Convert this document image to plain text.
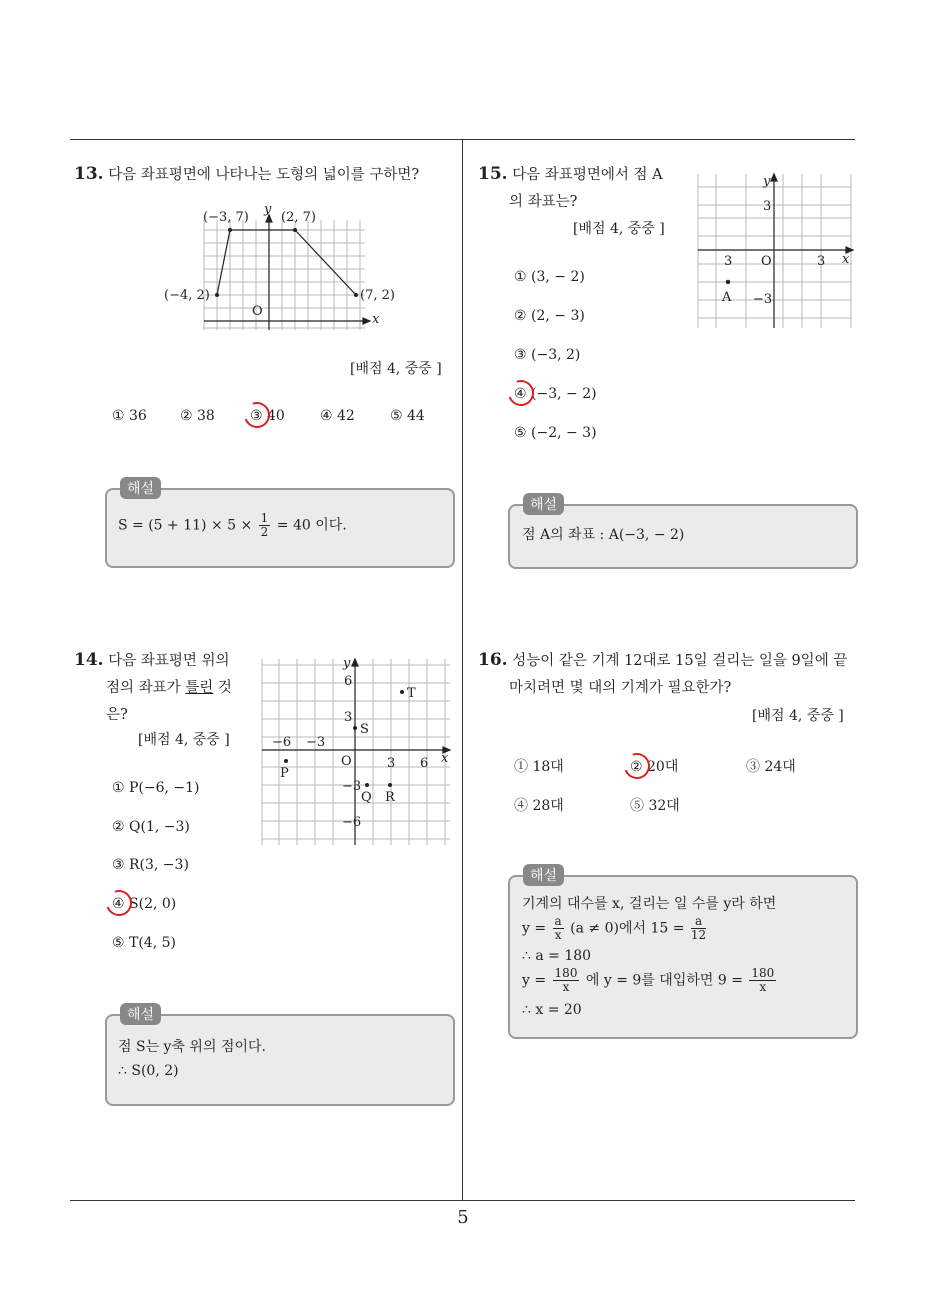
13. 다음 좌표평면에 나타나는 도형의 넓이를 구하면?
(−3, 7) (2, 7)
(−4, 2)	(7, 2)
O
x
y
[배점 4, 중중 ]
① 36 ② 38	③ 40	④ 42	⑤ 44
해설
$S = (5 + 11) \times 5 \times \frac{1}{2} = 40$ 이다.
14. 다음 좌표평면 위의
점의 좌표가 틀린 것
은?
[배점 4, 중중 ]
y
6
3
−6 −3
O	3 6 x
−3
−6
S
T
P
Q R
① P(−6, −1)
② Q(1, −3)
③ R(3, −3)
④ S(2, 0)
⑤ T(4, 5)
해설
점 S는 y축 위의 점이다.
∴ S(0, 2)
15. 다음 좌표평면에서 점 A
의 좌표는?
[배점 4, 중중 ]
y
3
3 O	3 x
A −3
① (3, − 2)
② (2, − 3)
③ (−3, 2)
④ (−3, − 2)
⑤ (−2, − 3)
해설
점 A의 좌표 : A(−3, − 2)
16. 성능이 같은 기계 12대로 15일 걸리는 일을 9일에 끝
마치려면 몇 대의 기계가 필요한가?
[배점 4, 중중 ]
① 18대	② 20대	③ 24대
④ 28대	⑤ 32대
해설
기계의 대수를 x, 걸리는 일 수를 y라 하면
$y = \frac{a}{x} (a \ne 0)$에서 $15 = \frac{a}{12}$
∴ a = 180
$y = \frac{180}{x}$ 에 y = 9를 대입하면 $9 = \frac{180}{x}$
∴ x = 20
5
